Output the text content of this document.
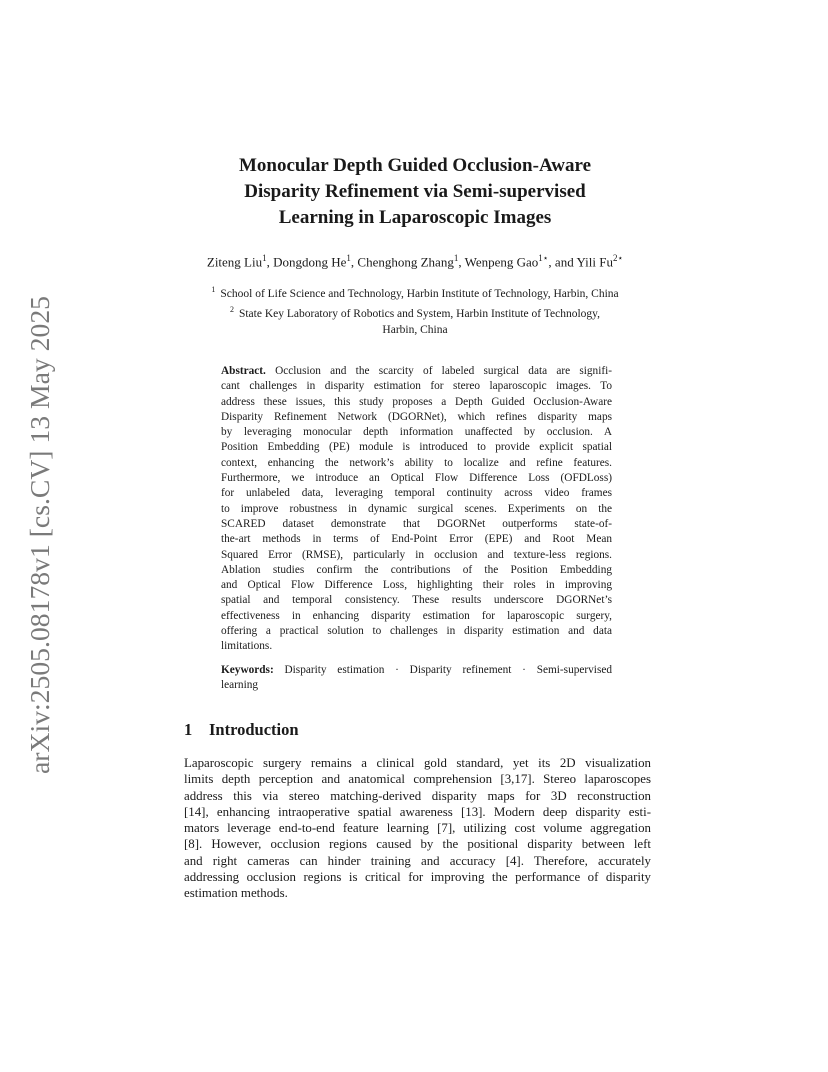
arXiv:2505.08178v1 [cs.CV] 13 May 2025
Monocular Depth Guided Occlusion-Aware
Disparity Refinement via Semi-supervised
Learning in Laparoscopic Images
Ziteng Liu$^1$, Dongdong He$^1$, Chenghong Zhang$^1$, Wenpeng Gao$^{1⋆}$, and Yili $Fu^{2⋆}$
$^1$ School of Life Science and Technology, Harbin Institute of Technology, Harbin, China
$^2$ State Key Laboratory of Robotics and System, Harbin Institute of Technology,
Harbin, China
Abstract. Occlusion and the scarcity of labeled surgical data are signifi-
cant challenges in disparity estimation for stereo laparoscopic images. To
address these issues, this study proposes a Depth Guided Occlusion-Aware
Disparity Refinement Network (DGORNet), which refines disparity maps
by leveraging monocular depth information unaffected by occlusion. A
Position Embedding (PE) module is introduced to provide explicit spatial
context, enhancing the network’s ability to localize and refine features.
Furthermore, we introduce an Optical Flow Difference Loss (OFDLoss)
for unlabeled data, leveraging temporal continuity across video frames
to improve robustness in dynamic surgical scenes. Experiments on the
SCARED dataset demonstrate that DGORNet outperforms state-of-
the-art methods in terms of End-Point Error (EPE) and Root Mean
Squared Error (RMSE), particularly in occlusion and texture-less regions.
Ablation studies confirm the contributions of the Position Embedding
and Optical Flow Difference Loss, highlighting their roles in improving
spatial and temporal consistency. These results underscore DGORNet’s
effectiveness in enhancing disparity estimation for laparoscopic surgery,
offering a practical solution to challenges in disparity estimation and data
limitations.
Keywords: Disparity estimation · Disparity refinement · Semi-supervised
learning
1 Introduction
Laparoscopic surgery remains a clinical gold standard, yet its 2D visualization
limits depth perception and anatomical comprehension [3,17]. Stereo laparoscopes
address this via stereo matching-derived disparity maps for 3D reconstruction
[14], enhancing intraoperative spatial awareness [13]. Modern deep disparity esti-
mators leverage end-to-end feature learning [7], utilizing cost volume aggregation
[8]. However, occlusion regions caused by the positional disparity between left
and right cameras can hinder training and accuracy [4]. Therefore, accurately
addressing occlusion regions is critical for improving the performance of disparity
estimation methods.
